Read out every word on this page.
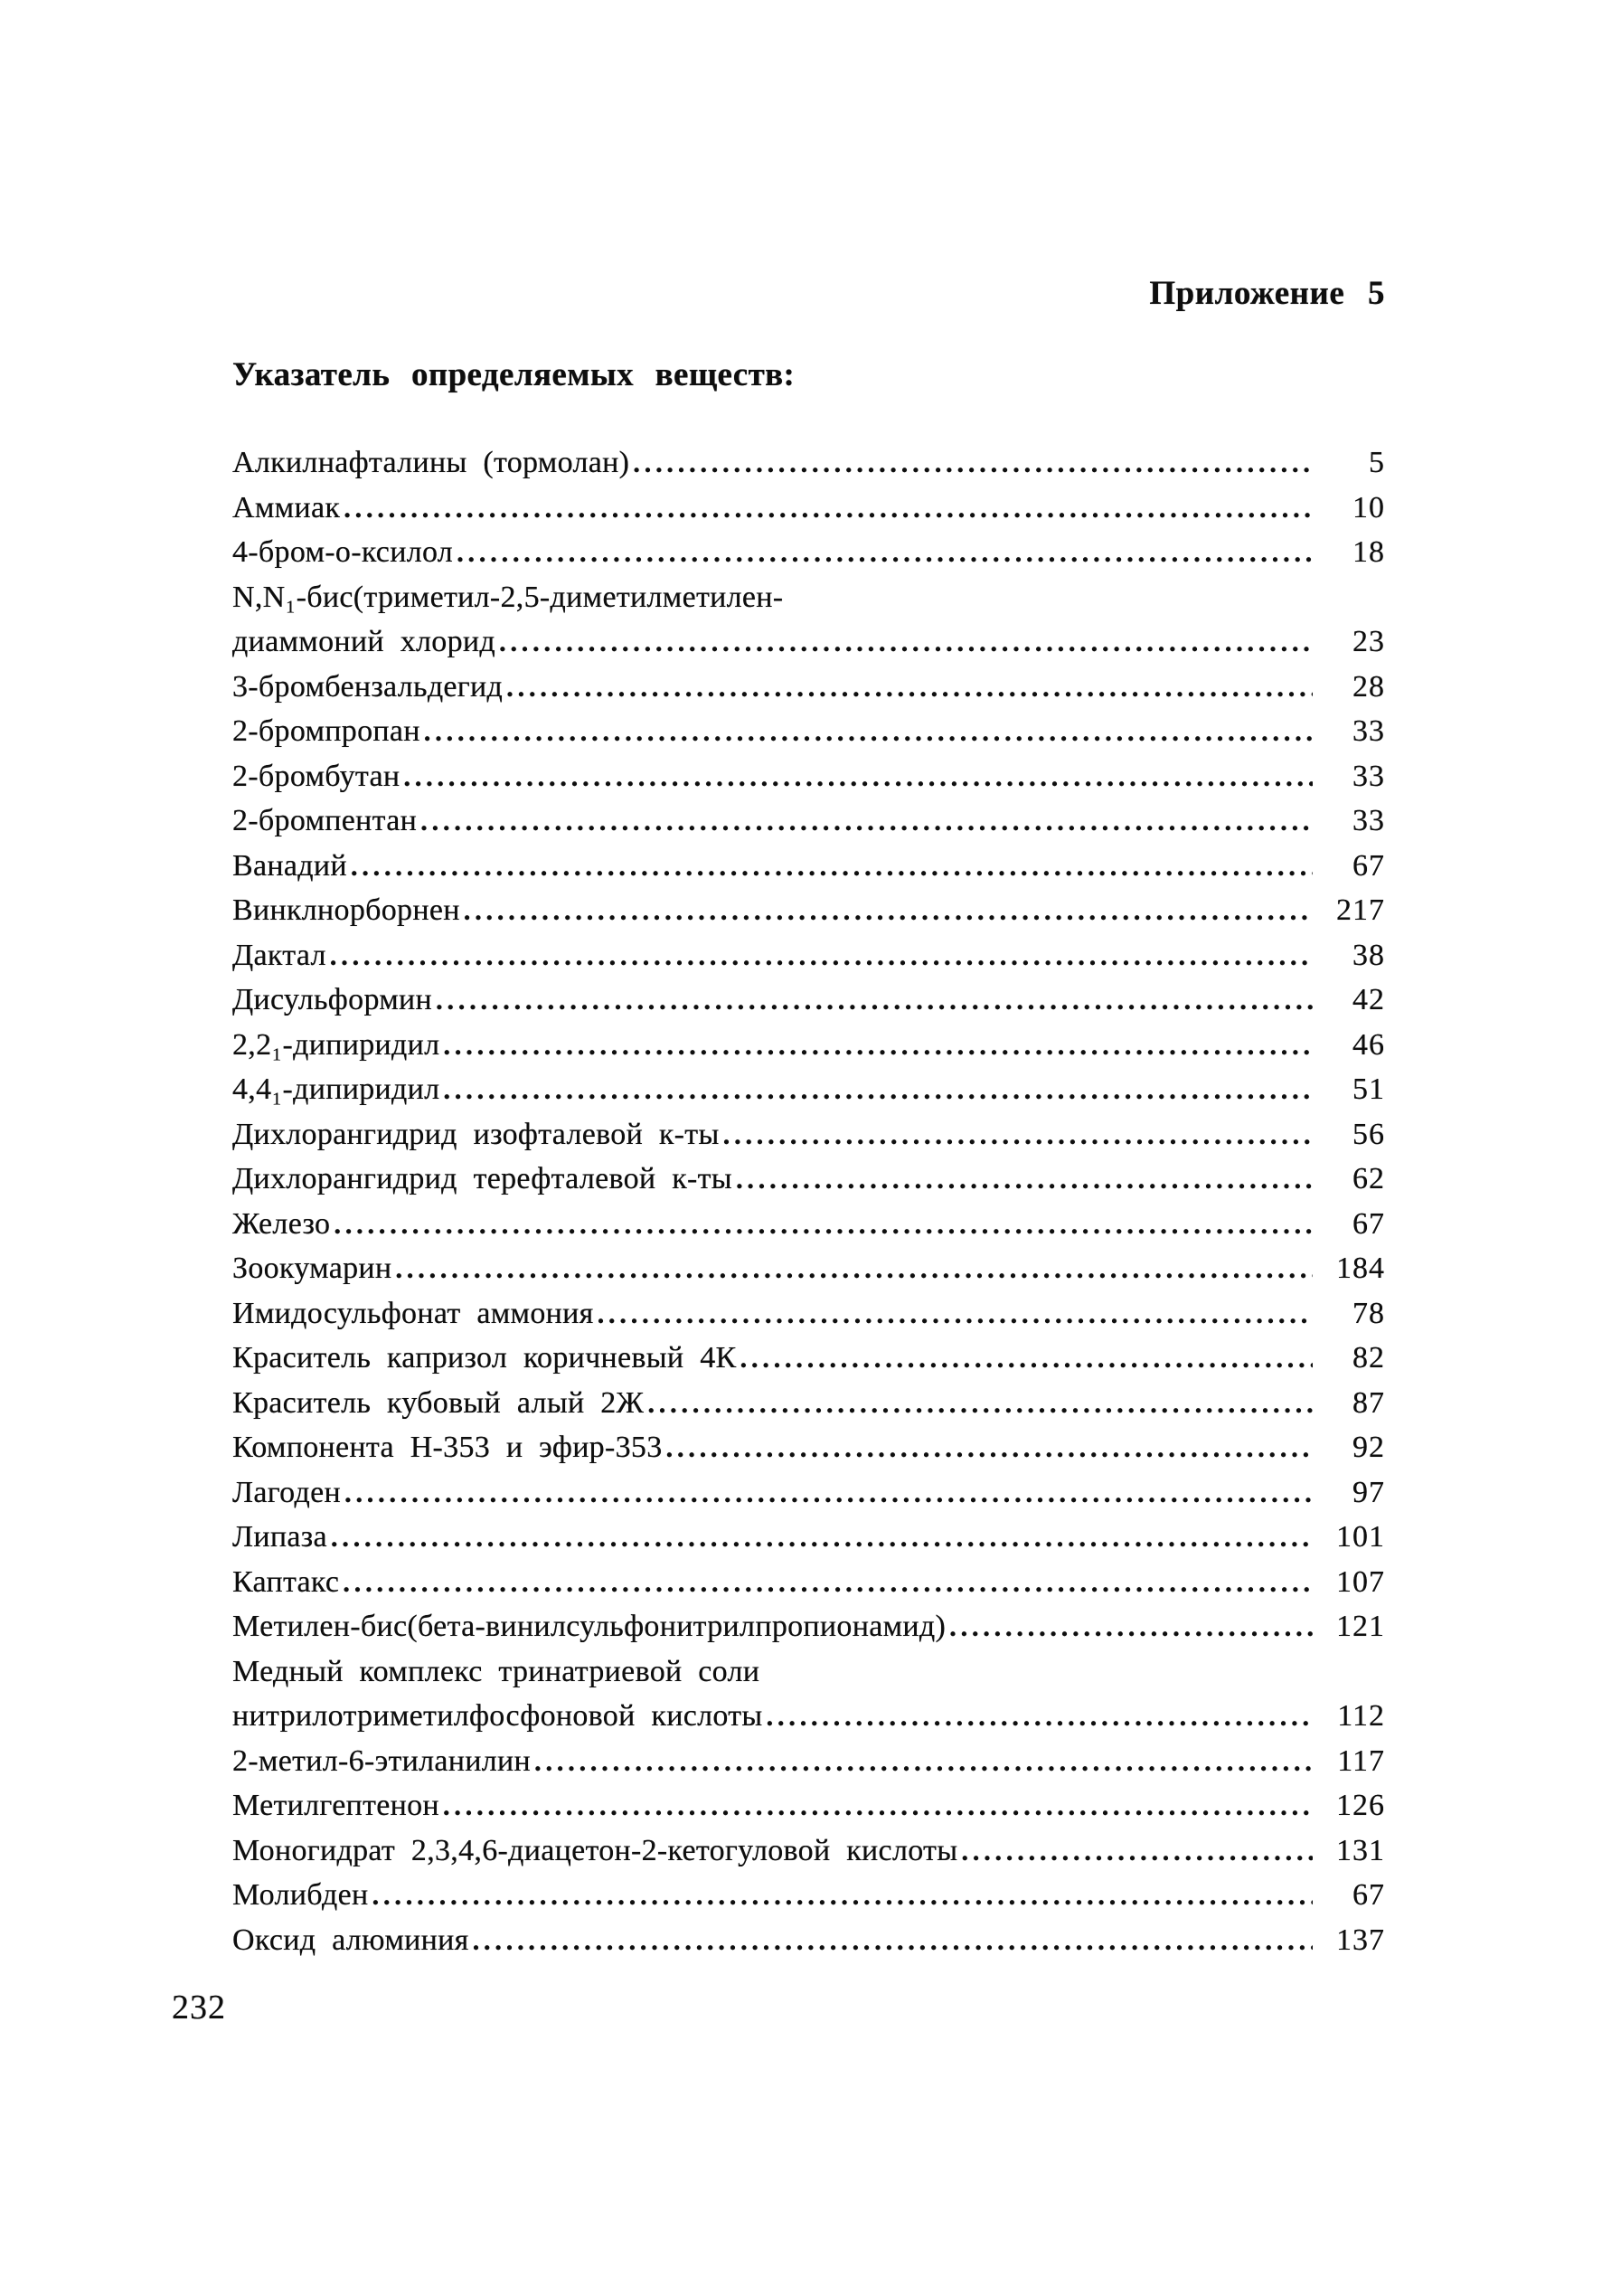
Приложение 5
Указатель определяемых веществ:
Алкилнафталины (тормолан) .....	5
Аммиак .....	10
4-бром-о-ксилол .....	18
N,N₁-бис(триметил-2,5-диметилметилен-
диаммоний хлорид .....	23
3-бромбензальдегид .....	28
2-бромпропан .....	33
2-бромбутан .....	33
2-бромпентан .....	33
Ванадий .....	67
Винклнорборнен .....	217
Дактал .....	38
Дисульформин .....	42
2,2₁-дипиридил .....	46
4,4₁-дипиридил .....	51
Дихлорангидрид изофталевой к-ты .....	56
Дихлорангидрид терефталевой к-ты .....	62
Железо .....	67
Зоокумарин .....	184
Имидосульфонат аммония .....	78
Краситель капризол коричневый 4К .....	82
Краситель кубовый алый 2Ж .....	87
Компонента Н-353 и эфир-353 .....	92
Лагоден .....	97
Липаза .....	101
Каптакс .....	107
Метилен-бис(бета-винилсульфонитрилпропионамид) .....	121
Медный комплекс тринатриевой соли
нитрилотриметилфосфоновой кислоты .....	112
2-метил-6-этиланилин .....	117
Метилгептенон .....	126
Моногидрат 2,3,4,6-диацетон-2-кетогуловой кислоты .....	131
Молибден .....	67
Оксид алюминия .....	137
232
